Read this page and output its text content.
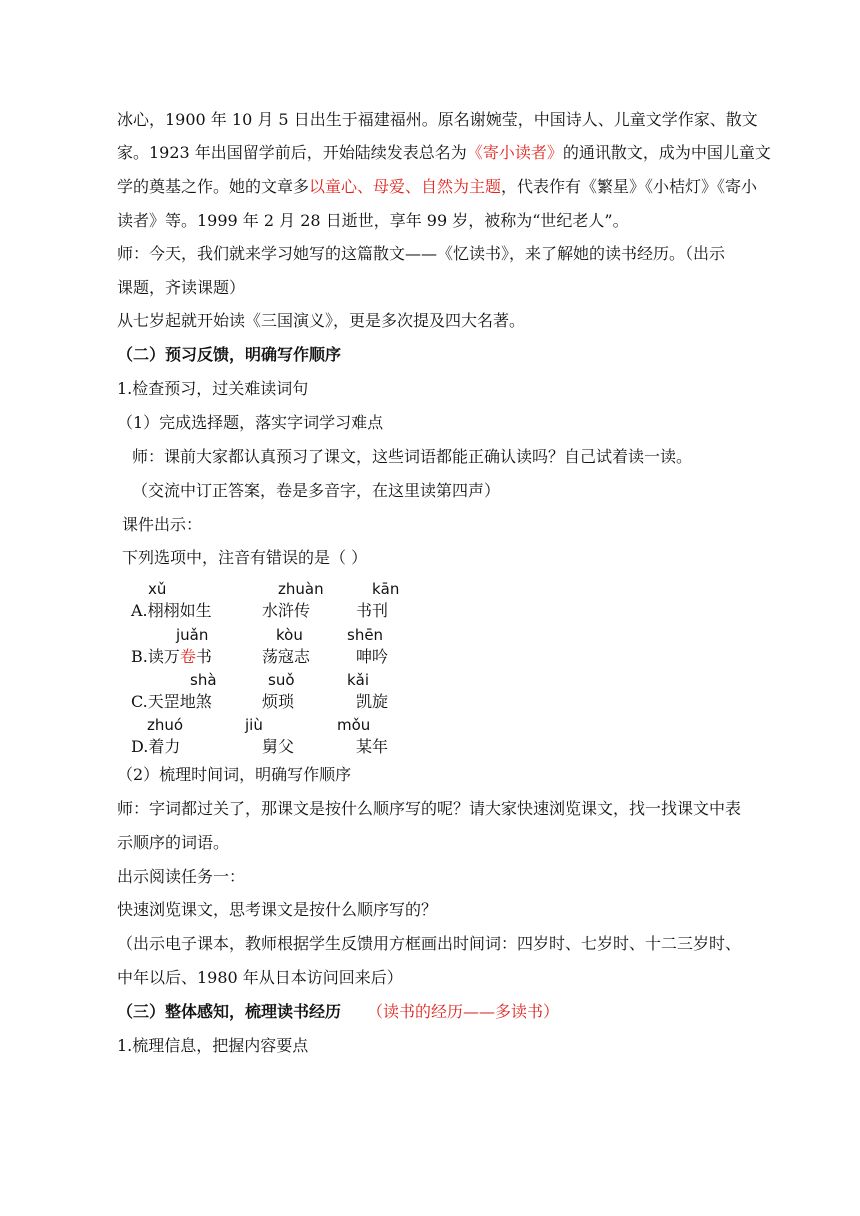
冰心，1900 年 10 月 5 日出生于福建福州。原名谢婉莹，中国诗人、儿童文学作家、散文

家。1923 年出国留学前后，开始陆续发表总名为《寄小读者》的通讯散文，成为中国儿童文

学的奠基之作。她的文章多以童心、母爱、自然为主题，代表作有《繁星》《小桔灯》《寄小

读者》等。1999 年 2 月 28 日逝世，享年 99 岁，被称为“世纪老人”。

师：今天，我们就来学习她写的这篇散文——《忆读书》，来了解她的读书经历。（出示

课题，齐读课题）

从七岁起就开始读《三国演义》，更是多次提及四大名著。

（二）预习反馈，明确写作顺序

1.检查预习，过关难读词句

（1）完成选择题，落实字词学习难点

师：课前大家都认真预习了课文，这些词语都能正确认读吗？自己试着读一读。

（交流中订正答案，卷是多音字，在这里读第四声）

课件出示：

下列选项中，注音有错误的是（ ）

xǔ	zhuàn	kān

A.栩栩如生	水浒传	书刊
juǎn	kòu	shēn

B.读万卷书	荡寇志	呻吟
shà	suǒ	kǎi

C.天罡地煞	烦琐	凯旋
zhuó	jiù	mǒu

D.着力	舅父	某年

（2）梳理时间词，明确写作顺序

师：字词都过关了，那课文是按什么顺序写的呢？请大家快速浏览课文，找一找课文中表

示顺序的词语。

出示阅读任务一：

快速浏览课文，思考课文是按什么顺序写的？

（出示电子课本，教师根据学生反馈用方框画出时间词：四岁时、七岁时、十二三岁时、

中年以后、1980 年从日本访问回来后）

（三）整体感知，梳理读书经历 （读书的经历——多读书）

1.梳理信息，把握内容要点
